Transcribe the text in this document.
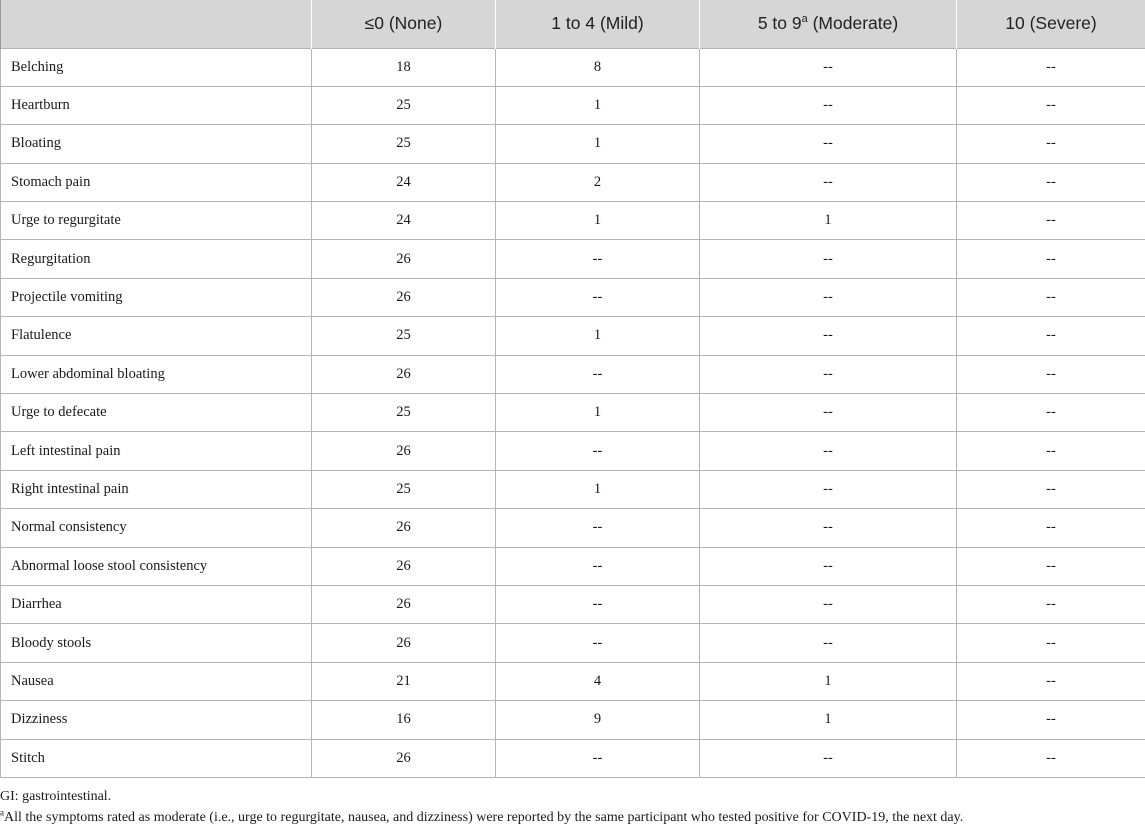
	≤0 (None)	1 to 4 (Mild)	5 to 9$^a$ (Moderate)	10 (Severe)
Belching	18	8	--	--
Heartburn	25	1	--	--
Bloating	25	1	--	--
Stomach pain	24	2	--	--
Urge to regurgitate	24	1	1	--
Regurgitation	26	--	--	--
Projectile vomiting	26	--	--	--
Flatulence	25	1	--	--
Lower abdominal bloating	26	--	--	--
Urge to defecate	25	1	--	--
Left intestinal pain	26	--	--	--
Right intestinal pain	25	1	--	--
Normal consistency	26	--	--	--
Abnormal loose stool consistency	26	--	--	--
Diarrhea	26	--	--	--
Bloody stools	26	--	--	--
Nausea	21	4	1	--
Dizziness	16	9	1	--
Stitch	26	--	--	--
GI: gastrointestinal.
$^a$All the symptoms rated as moderate (i.e., urge to regurgitate, nausea, and dizziness) were reported by the same participant who tested positive for COVID-19, the next day.
